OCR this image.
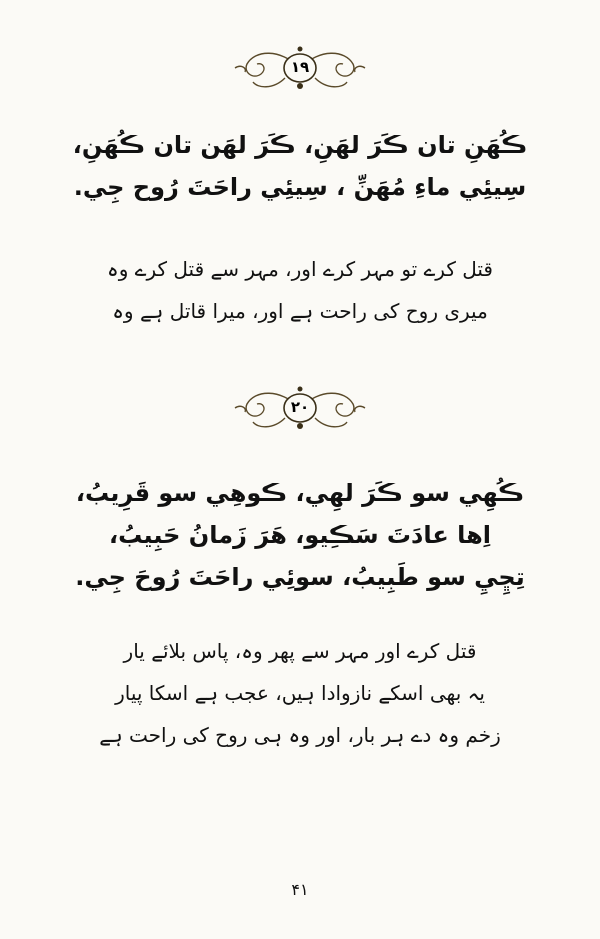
۱۹
ڪُھَنِ تان ڪَرَ لھَنِ، ڪَرَ لھَن تان ڪُھَنِ،
سِيئِي ماءِ مُھَنِّ ، سِيئِي راحَتَ رُوح جِي.
قتل کرے تو مہر کرے اور، مہر سے قتل کرے وہ
میری روح کی راحت ہے اور، میرا قاتل ہے وہ
۲۰
ڪُھِي سو ڪَرَ لھِي، ڪوھِي سو قَرِيبُ،
اِھا عادَتَ سَڪِيو، ھَرَ زَمانُ حَبِيبُ،
تِڇِيِ سو طَبِيبُ، سوئِي راحَتَ رُوحَ جِي.
قتل کرے اور مہر سے پھر وہ، پاس بلائے یار
یہ بھی اسکے نازوادا ہیں، عجب ہے اسکا پیار
زخم وہ دے ہر بار، اور وہ ہی روح کی راحت ہے
۴۱
